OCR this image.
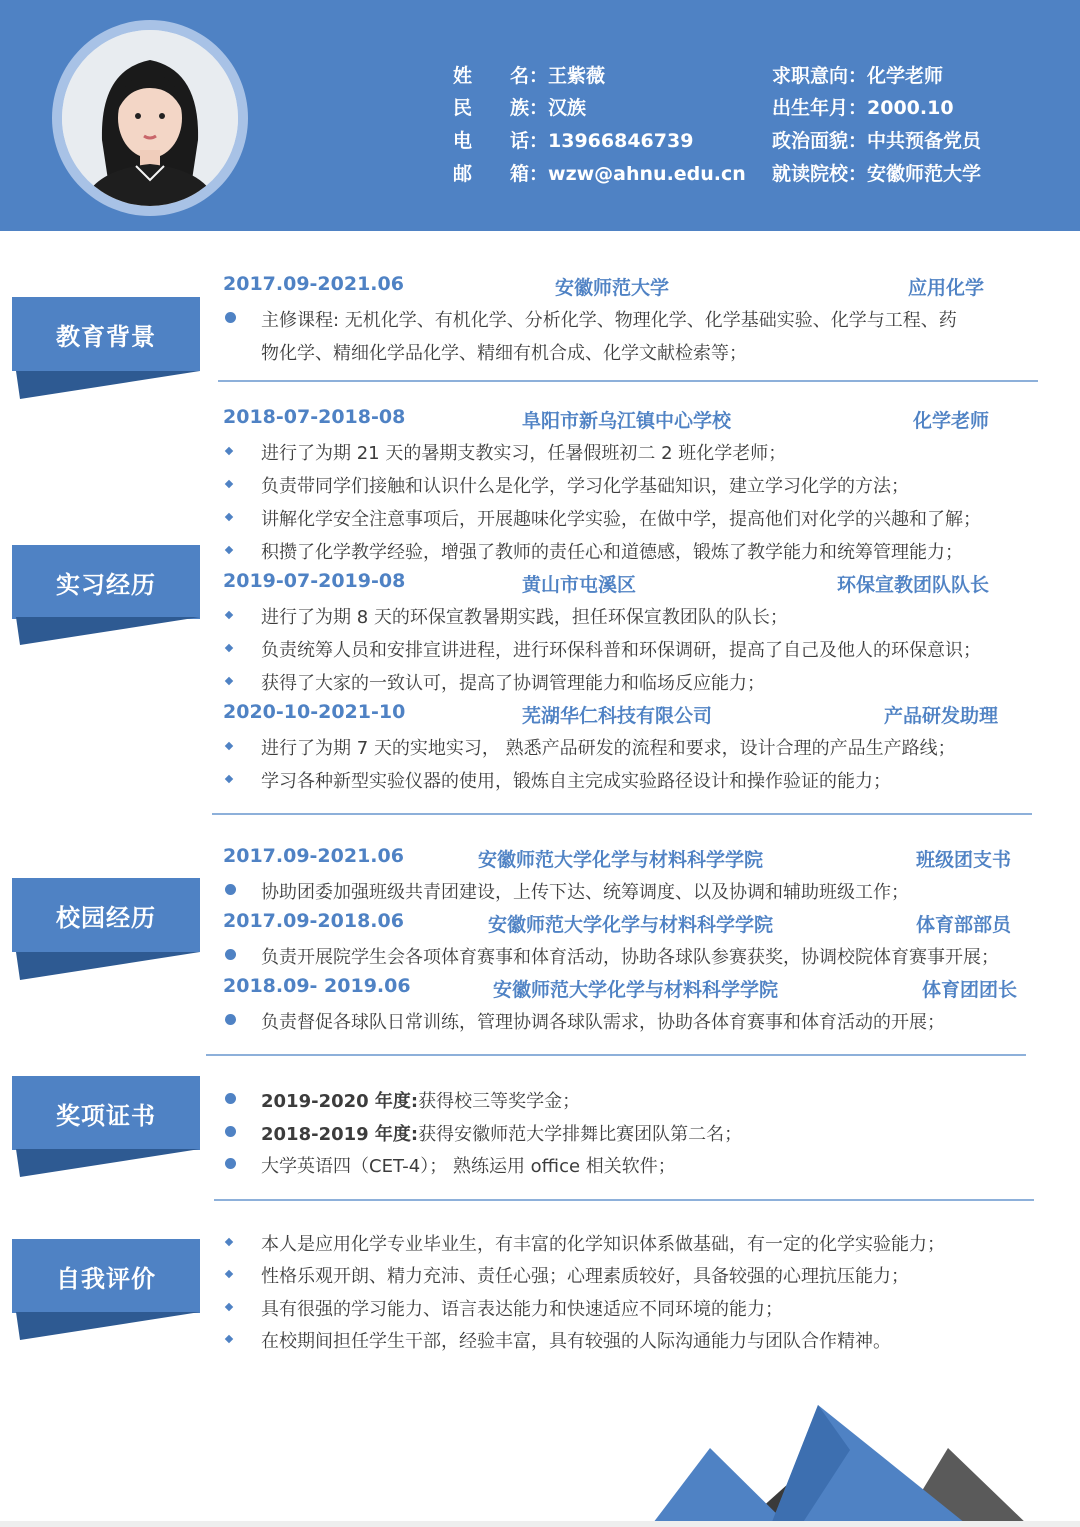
姓　　名：王紫薇
民　　族：汉族
电　　话：13966846739
邮　　箱：wzw@ahnu.edu.cn
求职意向：化学老师
出生年月：2000.10
政治面貌：中共预备党员
就读院校：安徽师范大学
教育背景
实习经历
校园经历
奖项证书
自我评价
2017.09-2021.06	安徽师范大学	应用化学
主修课程: 无机化学、有机化学、分析化学、物理化学、化学基础实验、化学与工程、药
物化学、精细化学品化学、精细有机合成、化学文献检索等；
2018-07-2018-08	阜阳市新乌江镇中心学校	化学老师
进行了为期 21 天的暑期支教实习，任暑假班初二 2 班化学老师；
负责带同学们接触和认识什么是化学，学习化学基础知识，建立学习化学的方法；
讲解化学安全注意事项后，开展趣味化学实验，在做中学，提高他们对化学的兴趣和了解；
积攒了化学教学经验，增强了教师的责任心和道德感，锻炼了教学能力和统筹管理能力；
2019-07-2019-08	黄山市屯溪区	环保宣教团队队长
进行了为期 8 天的环保宣教暑期实践，担任环保宣教团队的队长；
负责统筹人员和安排宣讲进程，进行环保科普和环保调研，提高了自己及他人的环保意识；
获得了大家的一致认可，提高了协调管理能力和临场反应能力；
2020-10-2021-10	芜湖华仁科技有限公司	产品研发助理
进行了为期 7 天的实地实习， 熟悉产品研发的流程和要求，设计合理的产品生产路线；
学习各种新型实验仪器的使用，锻炼自主完成实验路径设计和操作验证的能力；
2017.09-2021.06	安徽师范大学化学与材料科学学院	班级团支书
协助团委加强班级共青团建设，上传下达、统筹调度、以及协调和辅助班级工作；
2017.09-2018.06	安徽师范大学化学与材料科学学院	体育部部员
负责开展院学生会各项体育赛事和体育活动，协助各球队参赛获奖，协调校院体育赛事开展；
2018.09- 2019.06	安徽师范大学化学与材料科学学院	体育团团长
负责督促各球队日常训练，管理协调各球队需求，协助各体育赛事和体育活动的开展；
2019-2020 年度:获得校三等奖学金；
2018-2019 年度:获得安徽师范大学排舞比赛团队第二名；
大学英语四（CET-4）； 熟练运用 office 相关软件；
本人是应用化学专业毕业生，有丰富的化学知识体系做基础，有一定的化学实验能力；
性格乐观开朗、精力充沛、责任心强；心理素质较好，具备较强的心理抗压能力；
具有很强的学习能力、语言表达能力和快速适应不同环境的能力；
在校期间担任学生干部，经验丰富，具有较强的人际沟通能力与团队合作精神。
